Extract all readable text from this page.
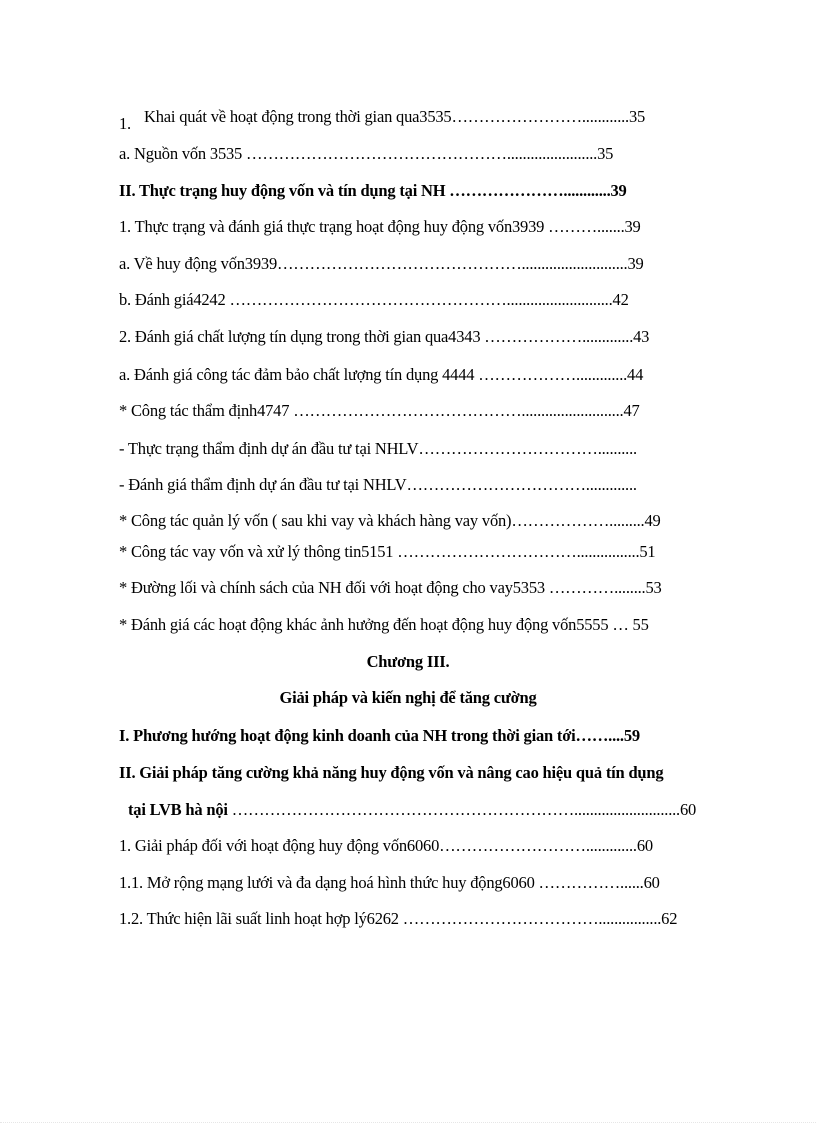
1. Khai quát về hoạt động trong thời gian qua3535……………………............35
a. Nguồn vốn 3535 ………………………………………….......................35
II. Thực trạng huy động vốn và tín dụng tại NH …………………............39
1. Thực trạng và đánh giá thực trạng hoạt động huy động vốn3939 ……….......39
a. Về huy động vốn3939………………………………………...........................39
b. Đánh giá4242 ……………………………………………...........................42
2. Đánh giá chất lượng tín dụng trong thời gian qua4343 ……………….............43
a. Đánh giá công tác đảm bảo chất lượng tín dụng 4444 ……………….............44
* Công tác thẩm định4747 ……………………………………..........................47
- Thực trạng thẩm định dự án đầu tư tại NHLV……………………………..........
- Đánh giá thẩm định dự án đầu tư tại NHLV…………………………….............
* Công tác quản lý vốn ( sau khi vay và khách hàng vay vốn)……………….........49
* Công tác vay vốn và xử lý thông tin5151 ……………………………................51
* Đường lối và chính sách của NH đối với hoạt động cho vay5353 …………........53
* Đánh giá các hoạt động khác ảnh hưởng đến hoạt động huy động vốn5555 … 55
Chương III.
Giải pháp và kiến nghị để tăng cường
I. Phương hướng hoạt động kinh doanh của NH trong thời gian tới……....59
II. Giải pháp tăng cường khả năng huy động vốn và nâng cao hiệu quả tín dụng
tại LVB hà nội ………………………………………………………...........................60
1. Giải pháp đối với hoạt động huy động vốn6060……………………….............60
1.1. Mở rộng mạng lưới và đa dạng hoá hình thức huy động6060 ……………......60
1.2. Thức hiện lãi suất linh hoạt hợp lý6262 ………………………………................62
